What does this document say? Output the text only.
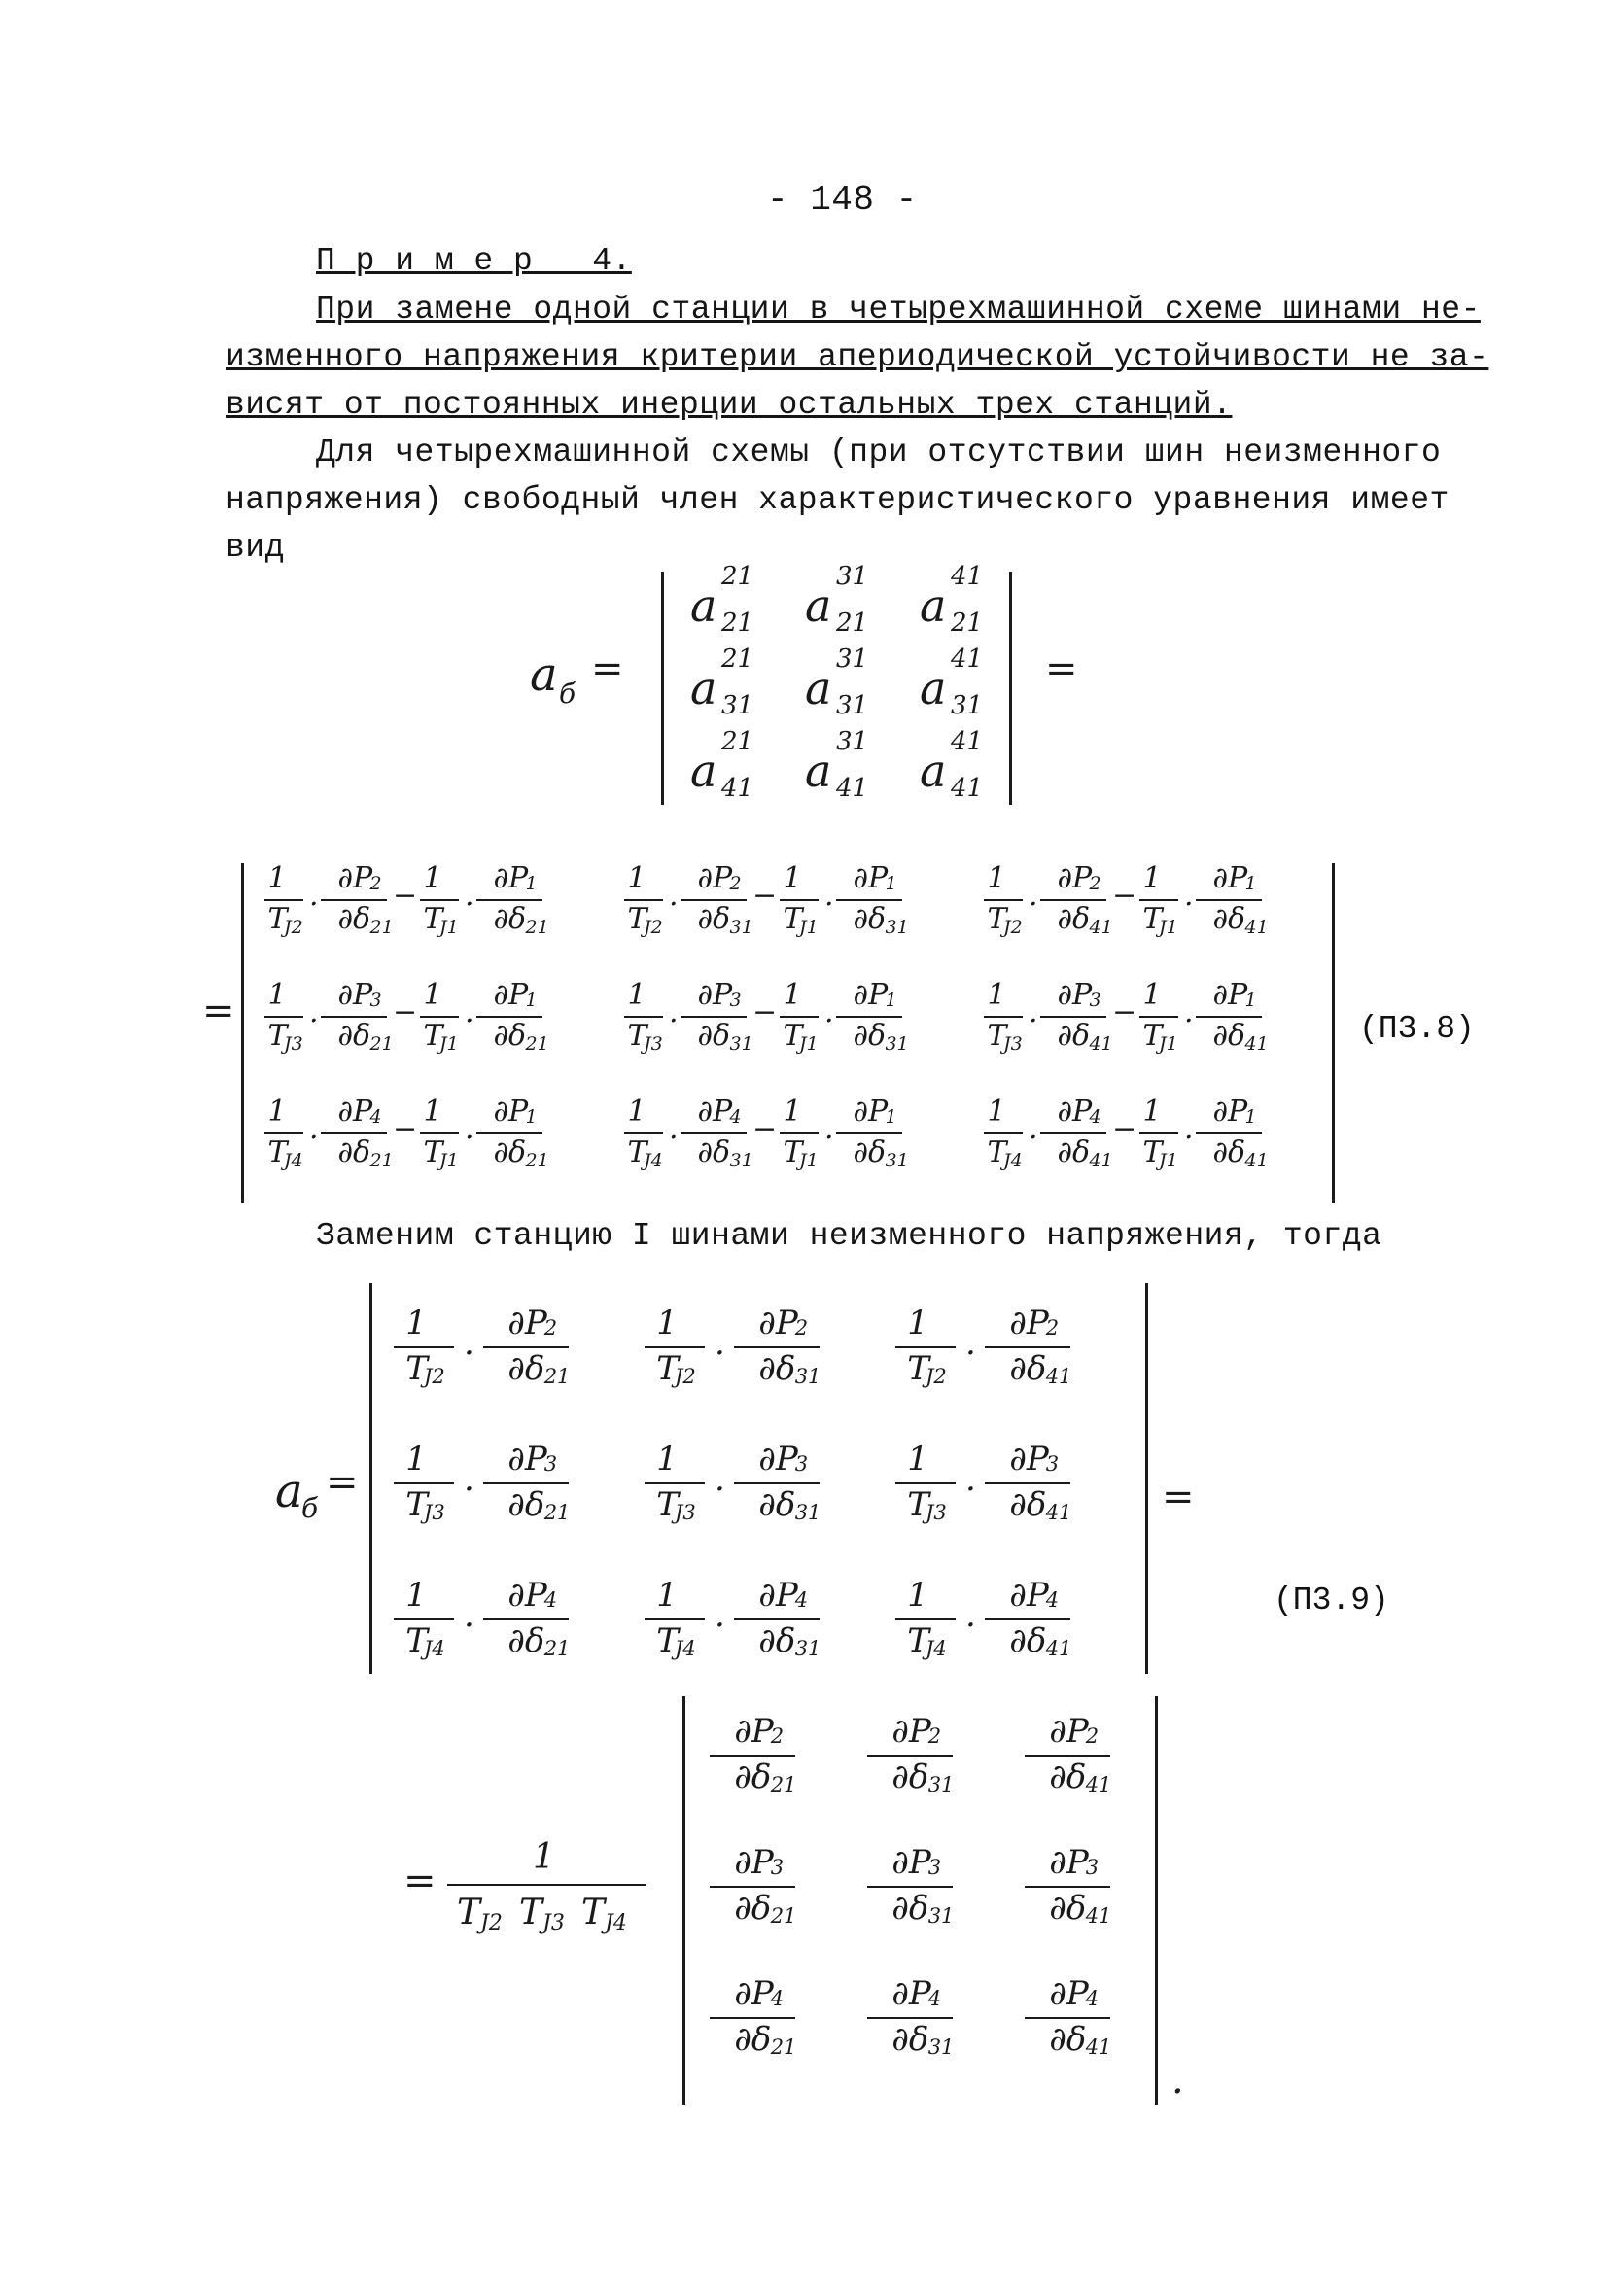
- 148 -
П р и м е р   4.
При замене одной станции в четырехмашинной схеме шинами не-
изменного напряжения критерии апериодической устойчивости не за-
висят от постоянных инерции остальных трех станций.
Для четырехмашинной схемы (при отсутствии шин неизменного
напряжения) свободный член характеристического уравнения имеет
вид
(П3.8)
Заменим станцию I шинами неизменного напряжения, тогда
(П3.9)
a б
=	=
a
21
21 a
31
21 a
41
21
a
21
31 a
31
31 a
41
31
a
21
41 a
31
41 a
41
41
=
1
T
J2
.
∂P
2
∂δ 21
−
1
T
J1
.
∂P
1
∂δ 21
1
T
J2
.
∂P
2
∂δ 31
−
1
T
J1
.
∂P
1
∂δ 31
1
T
J2
.
∂P
2
∂δ 41
−
1
T
J1
.
∂P
1
∂δ 41
1
T
J3
.
∂P
3
∂δ 21
−
1
T
J1
.
∂P
1
∂δ 21
1
T
J3
.
∂P
3
∂δ 31
−
1
T
J1
.
∂P
1
∂δ 31
1
T
J3
.
∂P
3
∂δ 41
−
1
T
J1
.
∂P
1
∂δ 41
1
T
J4
.
∂P
4
∂δ 21
−
1
T
J1
.
∂P
1
∂δ 21
1
T
J4
.
∂P
4
∂δ 31
−
1
T
J1
.
∂P
1
∂δ 31
1
T
J4
.
∂P
4
∂δ 41
−
1
T
J1
.
∂P
1
∂δ 41
a
б
=	=
1
T
J2
.
∂P
2
∂δ 21
1
T
J2
.
∂P
2
∂δ 31
1
T
J2
.
∂P
2
∂δ 41
1
T
J3
.
∂P
3
∂δ 21
1
T
J3
.
∂P
3
∂δ 31
1
T
J3
.
∂P
3
∂δ 41
1
T
J4
.
∂P
4
∂δ 21
1
T
J4
.
∂P
4
∂δ 31
1
T
J4
.
∂P
4
∂δ 41
=
1
T J2 T J3 T J4
.
∂P
2
∂δ 21
∂P
2
∂δ 31
∂P
2
∂δ 41
∂P
3
∂δ 21
∂P
3
∂δ 31
∂P
3
∂δ 41
∂P
4
∂δ 21
∂P
4
∂δ 31
∂P
4
∂δ 41
